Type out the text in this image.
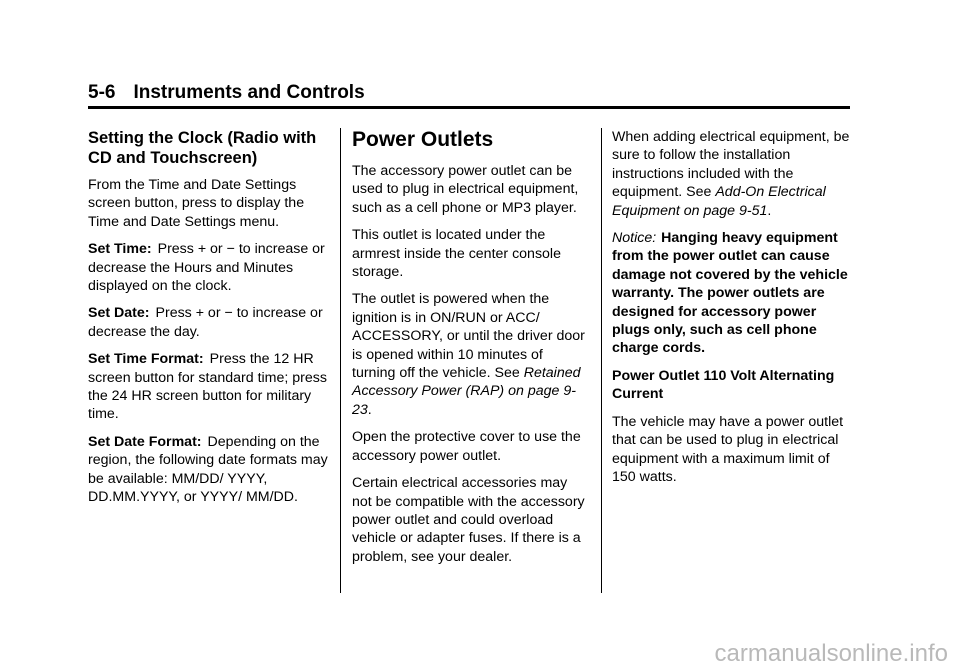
5-6 Instruments and Controls
Setting the Clock (Radio with CD and Touchscreen)

From the Time and Date Settings screen button, press to display the Time and Date Settings menu.

Set Time: Press + or − to increase or decrease the Hours and Minutes displayed on the clock.

Set Date: Press + or − to increase or decrease the day.

Set Time Format: Press the 12 HR screen button for standard time; press the 24 HR screen button for military time.

Set Date Format: Depending on the region, the following date formats may be available: MM/DD/ YYYY, DD.MM.YYYY, or YYYY/ MM/DD.

Power Outlets

The accessory power outlet can be used to plug in electrical equipment, such as a cell phone or MP3 player.

This outlet is located under the armrest inside the center console storage.

The outlet is powered when the ignition is in ON/RUN or ACC/ ACCESSORY, or until the driver door is opened within 10 minutes of turning off the vehicle. See Retained Accessory Power (RAP) on page 9-23.

Open the protective cover to use the accessory power outlet.

Certain electrical accessories may not be compatible with the accessory power outlet and could overload vehicle or adapter fuses. If there is a problem, see your dealer.

When adding electrical equipment, be sure to follow the installation instructions included with the equipment. See Add-On Electrical Equipment on page 9-51.

Notice: Hanging heavy equipment from the power outlet can cause damage not covered by the vehicle warranty. The power outlets are designed for accessory power plugs only, such as cell phone charge cords.

Power Outlet 110 Volt Alternating Current

The vehicle may have a power outlet that can be used to plug in electrical equipment with a maximum limit of 150 watts.

carmanualsonline.info
